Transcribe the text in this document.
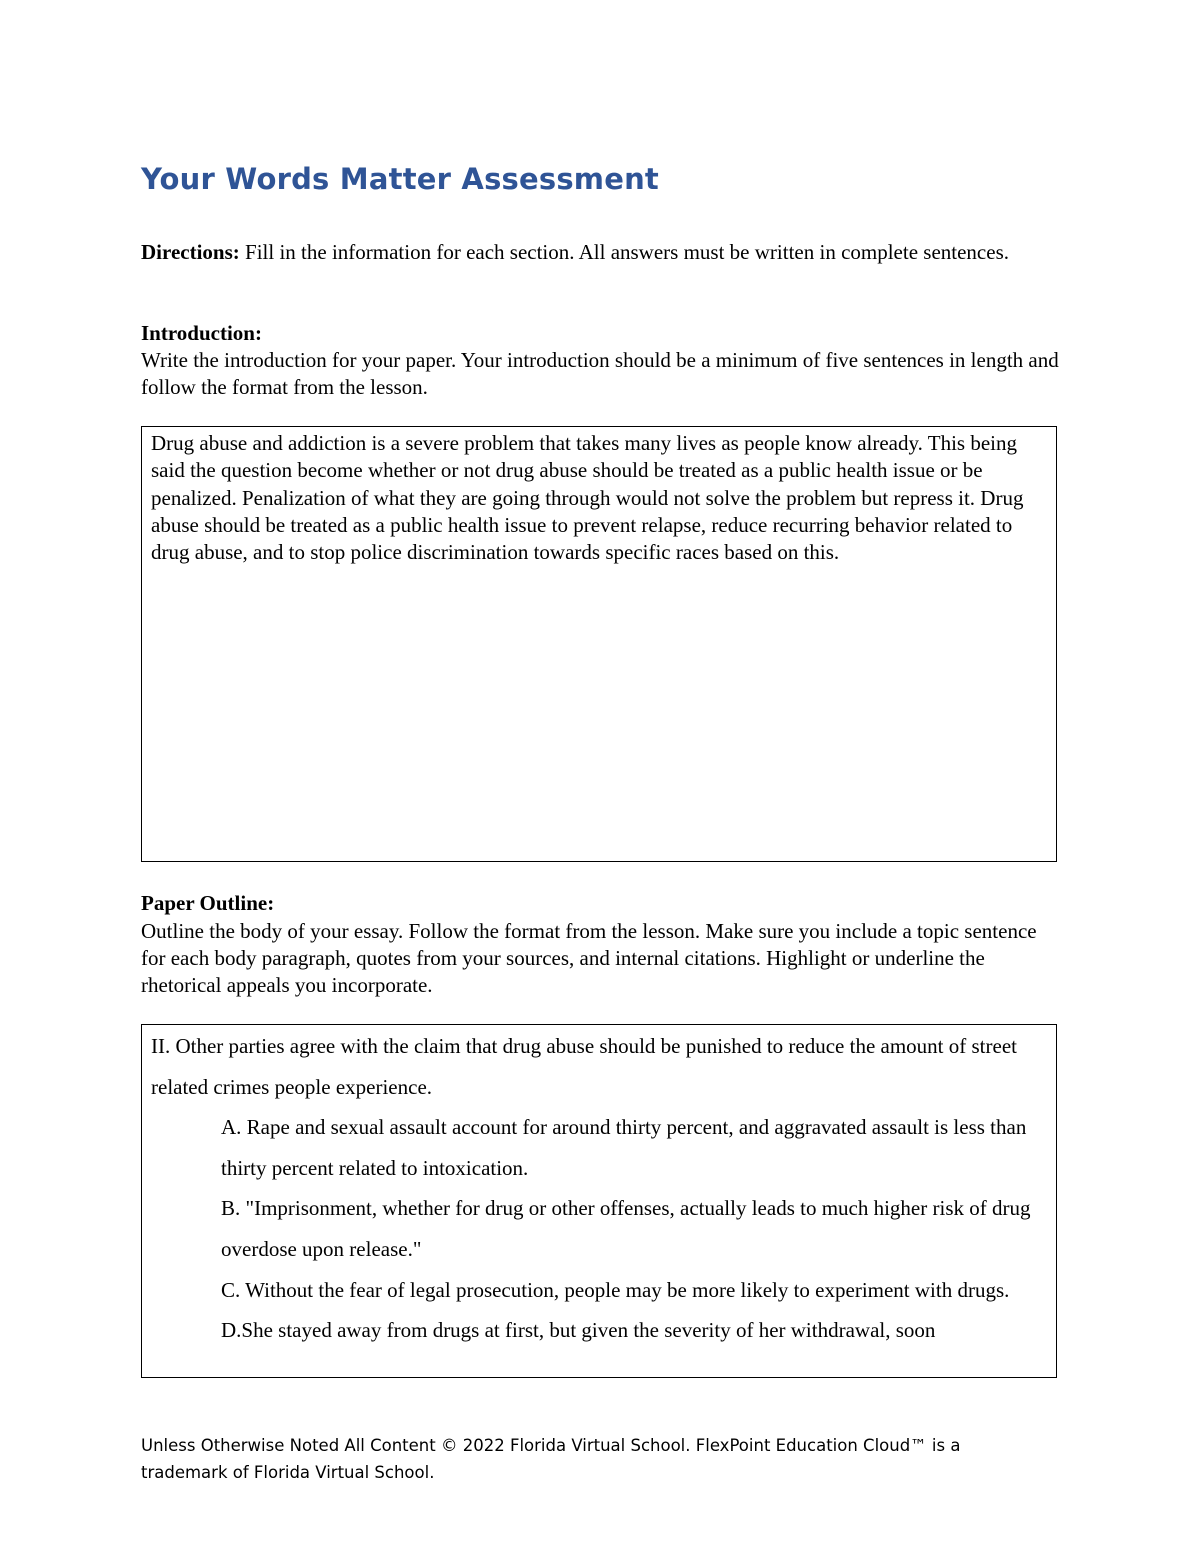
Your Words Matter Assessment
Directions: Fill in the information for each section. All answers must be written in complete sentences.
Introduction:
Write the introduction for your paper. Your introduction should be a minimum of five sentences in length and follow the format from the lesson.
Drug abuse and addiction is a severe problem that takes many lives as people know already. This being said the question become whether or not drug abuse should be treated as a public health issue or be penalized. Penalization of what they are going through would not solve the problem but repress it. Drug abuse should be treated as a public health issue to prevent relapse, reduce recurring behavior related to drug abuse, and to stop police discrimination towards specific races based on this.
Paper Outline:
Outline the body of your essay. Follow the format from the lesson. Make sure you include a topic sentence for each body paragraph, quotes from your sources, and internal citations. Highlight or underline the rhetorical appeals you incorporate.
II. Other parties agree with the claim that drug abuse should be punished to reduce the amount of street related crimes people experience.
A. Rape and sexual assault account for around thirty percent, and aggravated assault is less than thirty percent related to intoxication.
B. "Imprisonment, whether for drug or other offenses, actually leads to much higher risk of drug overdose upon release."
C. Without the fear of legal prosecution, people may be more likely to experiment with drugs.
D.She stayed away from drugs at first, but given the severity of her withdrawal, soon
Unless Otherwise Noted All Content © 2022 Florida Virtual School. FlexPoint Education Cloud™ is a trademark of Florida Virtual School.
